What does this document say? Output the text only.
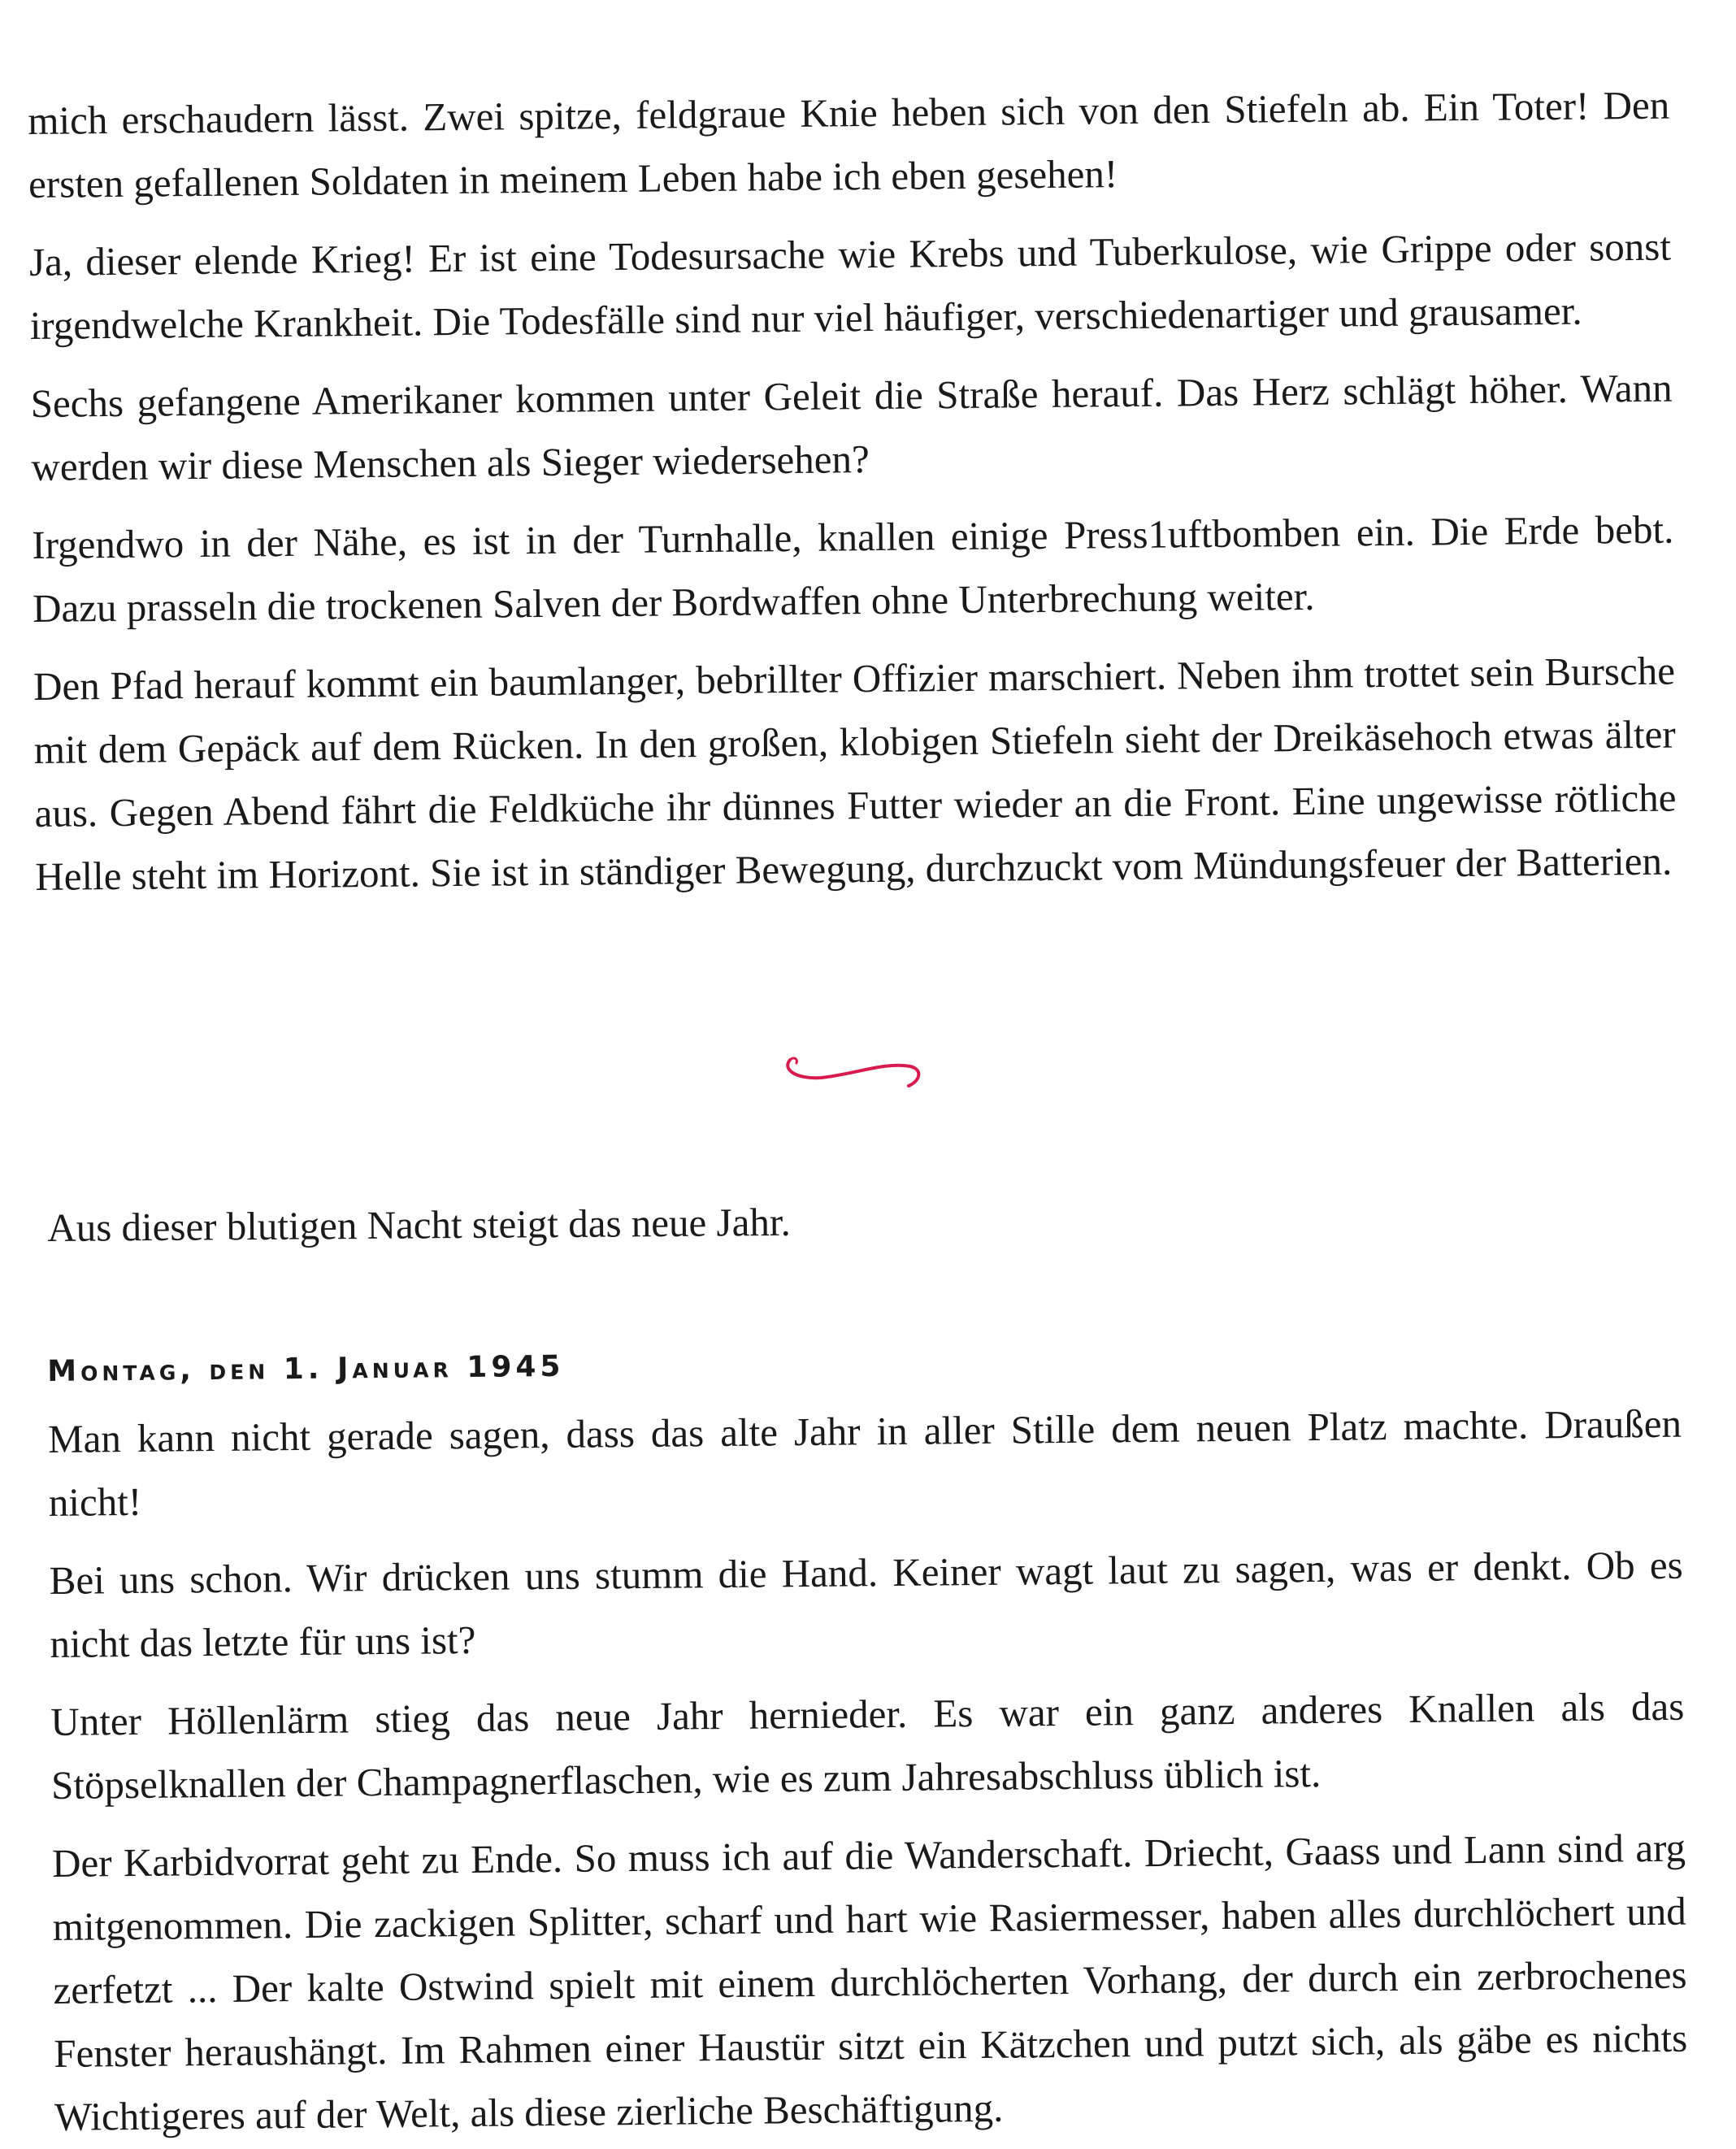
mich erschaudern lässt. Zwei spitze, feldgraue Knie heben sich von den Stiefeln ab. Ein Toter! Den ersten gefallenen Soldaten in meinem Leben habe ich eben gesehen!

Ja, dieser elende Krieg! Er ist eine Todesursache wie Krebs und Tuberkulose, wie Grippe oder sonst irgendwelche Krankheit. Die Todesfälle sind nur viel häufiger, verschiedenartiger und grausamer.

Sechs gefangene Amerikaner kommen unter Geleit die Straße herauf. Das Herz schlägt höher. Wann werden wir diese Menschen als Sieger wiedersehen?

Irgendwo in der Nähe, es ist in der Turnhalle, knallen einige Press1uftbomben ein. Die Erde bebt. Dazu prasseln die trockenen Salven der Bordwaffen ohne Unterbrechung weiter.

Den Pfad herauf kommt ein baumlanger, bebrillter Offizier marschiert. Neben ihm trottet sein Bursche mit dem Gepäck auf dem Rücken. In den großen, klobigen Stiefeln sieht der Dreikäsehoch etwas älter aus. Gegen Abend fährt die Feldküche ihr dünnes Futter wieder an die Front. Eine ungewisse rötliche Helle steht im Horizont. Sie ist in ständiger Bewegung, durchzuckt vom Mündungsfeuer der Batterien.

Aus dieser blutigen Nacht steigt das neue Jahr.

Montag, den 1. Januar 1945

Man kann nicht gerade sagen, dass das alte Jahr in aller Stille dem neuen Platz machte. Draußen nicht!

Bei uns schon. Wir drücken uns stumm die Hand. Keiner wagt laut zu sagen, was er denkt. Ob es nicht das letzte für uns ist?

Unter Höllenlärm stieg das neue Jahr hernieder. Es war ein ganz anderes Knallen als das Stöpselknallen der Champagnerflaschen, wie es zum Jahresabschluss üblich ist.

Der Karbidvorrat geht zu Ende. So muss ich auf die Wanderschaft. Driecht, Gaass und Lann sind arg mitgenommen. Die zackigen Splitter, scharf und hart wie Rasiermesser, haben alles durchlöchert und zerfetzt ... Der kalte Ostwind spielt mit einem durchlöcherten Vorhang, der durch ein zerbrochenes Fenster heraushängt. Im Rahmen einer Haustür sitzt ein Kätzchen und putzt sich, als gäbe es nichts Wichtigeres auf der Welt, als diese zierliche Beschäftigung.
